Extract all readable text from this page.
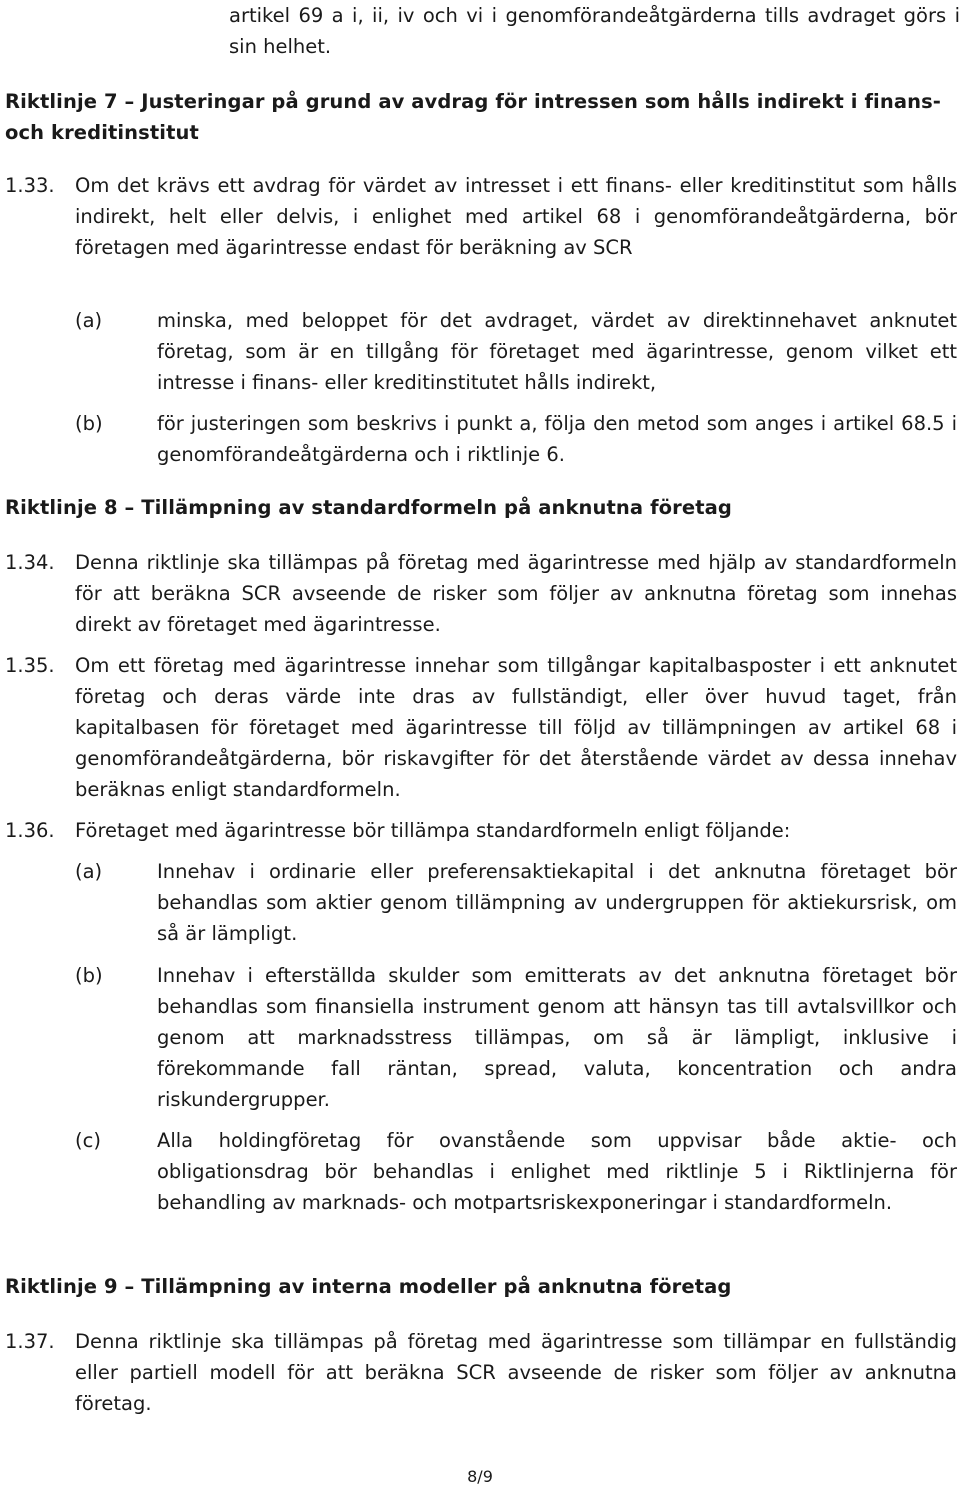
artikel 69 a i, ii, iv och vi i genomförandeåtgärderna tills avdraget görs i sin helhet.
Riktlinje 7 – Justeringar på grund av avdrag för intressen som hålls indirekt i finans- och kreditinstitut
1.33.	Om det krävs ett avdrag för värdet av intresset i ett finans- eller kreditinstitut som hålls indirekt, helt eller delvis, i enlighet med artikel 68 i genomförandeåtgärderna, bör företagen med ägarintresse endast för beräkning av SCR
(a)	minska, med beloppet för det avdraget, värdet av direktinnehavet anknutet företag, som är en tillgång för företaget med ägarintresse, genom vilket ett intresse i finans- eller kreditinstitutet hålls indirekt,
(b)	för justeringen som beskrivs i punkt a, följa den metod som anges i artikel 68.5 i genomförandeåtgärderna och i riktlinje 6.
Riktlinje 8 – Tillämpning av standardformeln på anknutna företag
1.34.	Denna riktlinje ska tillämpas på företag med ägarintresse med hjälp av standardformeln för att beräkna SCR avseende de risker som följer av anknutna företag som innehas direkt av företaget med ägarintresse.
1.35.	Om ett företag med ägarintresse innehar som tillgångar kapitalbasposter i ett anknutet företag och deras värde inte dras av fullständigt, eller över huvud taget, från kapitalbasen för företaget med ägarintresse till följd av tillämpningen av artikel 68 i genomförandeåtgärderna, bör riskavgifter för det återstående värdet av dessa innehav beräknas enligt standardformeln.
1.36.	Företaget med ägarintresse bör tillämpa standardformeln enligt följande:
(a)	Innehav i ordinarie eller preferensaktiekapital i det anknutna företaget bör behandlas som aktier genom tillämpning av undergruppen för aktiekursrisk, om så är lämpligt.
(b)	Innehav i efterställda skulder som emitterats av det anknutna företaget bör behandlas som finansiella instrument genom att hänsyn tas till avtalsvillkor och genom att marknadsstress tillämpas, om så är lämpligt, inklusive i förekommande fall räntan, spread, valuta, koncentration och andra riskundergrupper.
(c)	Alla holdingföretag för ovanstående som uppvisar både aktie- och obligationsdrag bör behandlas i enlighet med riktlinje 5 i Riktlinjerna för behandling av marknads- och motpartsriskexponeringar i standardformeln.
Riktlinje 9 – Tillämpning av interna modeller på anknutna företag
1.37.	Denna riktlinje ska tillämpas på företag med ägarintresse som tillämpar en fullständig eller partiell modell för att beräkna SCR avseende de risker som följer av anknutna företag.
8/9
